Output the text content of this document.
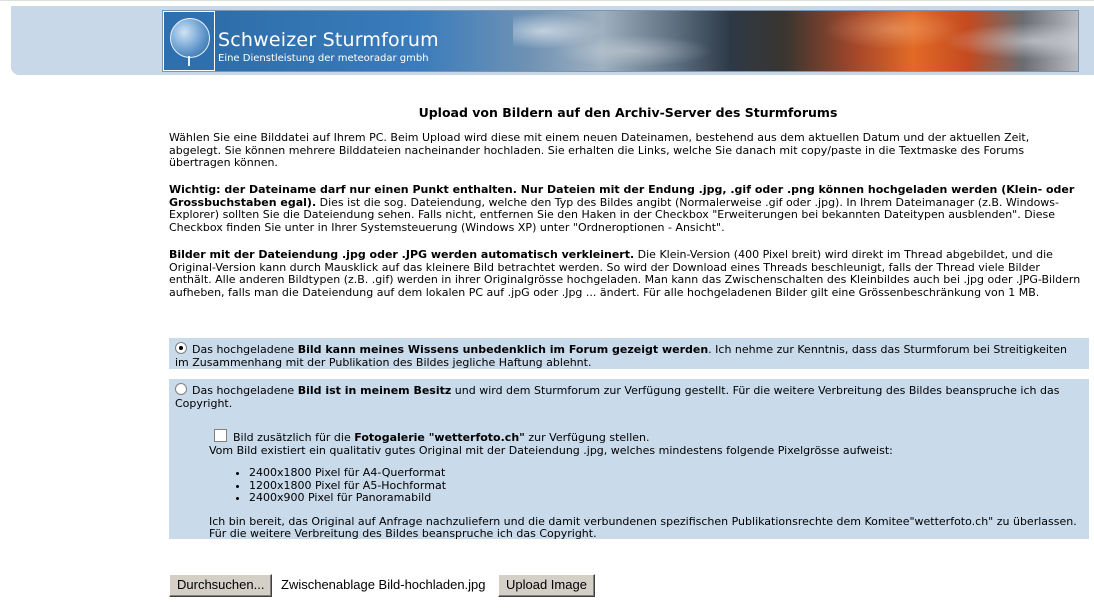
Schweizer Sturmforum
Eine Dienstleistung der meteoradar gmbh
Upload von Bildern auf den Archiv-Server des Sturmforums

Wählen Sie eine Bilddatei auf Ihrem PC. Beim Upload wird diese mit einem neuen Dateinamen, bestehend aus dem aktuellen Datum und der aktuellen Zeit, abgelegt. Sie können mehrere Bilddateien nacheinander hochladen. Sie erhalten die Links, welche Sie danach mit copy/paste in die Textmaske des Forums übertragen können.

Wichtig: der Dateiname darf nur einen Punkt enthalten. Nur Dateien mit der Endung .jpg, .gif oder .png können hochgeladen werden (Klein- oder Grossbuchstaben egal). Dies ist die sog. Dateiendung, welche den Typ des Bildes angibt (Normalerweise .gif oder .jpg). In Ihrem Dateimanager (z.B. Windows-Explorer) sollten Sie die Dateiendung sehen. Falls nicht, entfernen Sie den Haken in der Checkbox "Erweiterungen bei bekannten Dateitypen ausblenden". Diese Checkbox finden Sie unter in Ihrer Systemsteuerung (Windows XP) unter "Ordneroptionen - Ansicht".

Bilder mit der Dateiendung .jpg oder .JPG werden automatisch verkleinert. Die Klein-Version (400 Pixel breit) wird direkt im Thread abgebildet, und die Original-Version kann durch Mausklick auf das kleinere Bild betrachtet werden. So wird der Download eines Threads beschleunigt, falls der Thread viele Bilder enthält. Alle anderen Bildtypen (z.B. .gif) werden in ihrer Originalgrösse hochgeladen. Man kann das Zwischenschalten des Kleinbildes auch bei .jpg oder .JPG-Bildern aufheben, falls man die Dateiendung auf dem lokalen PC auf .jpG oder .Jpg ... ändert. Für alle hochgeladenen Bilder gilt eine Grössenbeschränkung von 1 MB.

Das hochgeladene Bild kann meines Wissens unbedenklich im Forum gezeigt werden. Ich nehme zur Kenntnis, dass das Sturmforum bei Streitigkeiten im Zusammenhang mit der Publikation des Bildes jegliche Haftung ablehnt.
Das hochgeladene Bild ist in meinem Besitz und wird dem Sturmforum zur Verfügung gestellt. Für die weitere Verbreitung des Bildes beanspruche ich das Copyright.
Bild zusätzlich für die Fotogalerie "wetterfoto.ch" zur Verfügung stellen.
Vom Bild existiert ein qualitativ gutes Original mit der Dateiendung .jpg, welches mindestens folgende Pixelgrösse aufweist:
• 2400x1800 Pixel für A4-Querformat
• 1200x1800 Pixel für A5-Hochformat
• 2400x900 Pixel für Panoramabild
Ich bin bereit, das Original auf Anfrage nachzuliefern und die damit verbundenen spezifischen Publikationsrechte dem Komitee"wetterfoto.ch" zu überlassen. Für die weitere Verbreitung des Bildes beanspruche ich das Copyright.
Durchsuchen...	Zwischenablage Bild-hochladen.jpg	Upload Image
